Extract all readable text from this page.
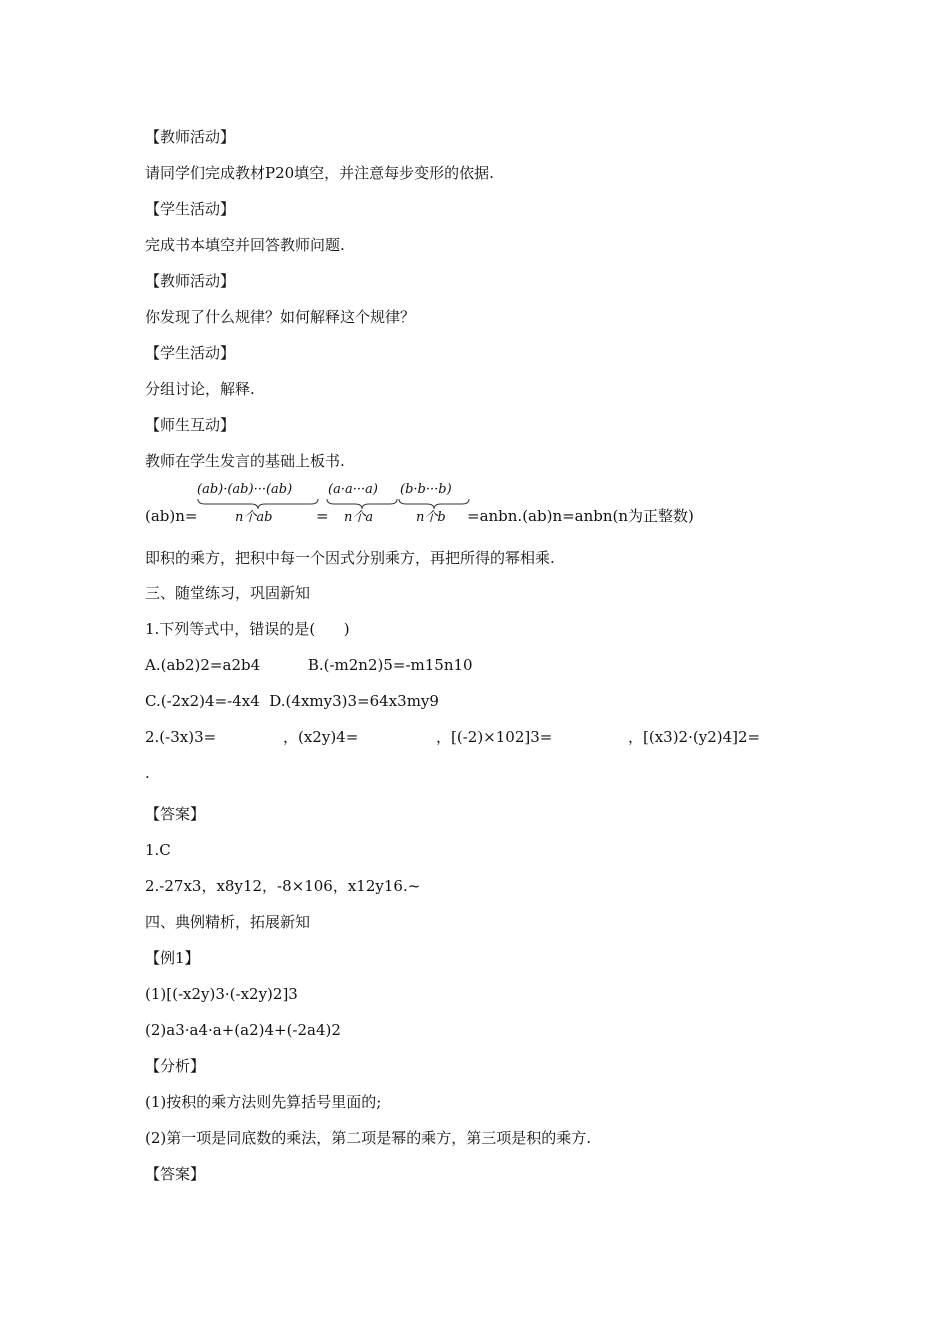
【教师活动】
请同学们完成教材P20填空，并注意每步变形的依据.
【学生活动】
完成书本填空并回答教师问题.
【教师活动】
你发现了什么规律？如何解释这个规律？
【学生活动】
分组讨论，解释.
【师生互动】
教师在学生发言的基础上板书.
(ab)n=
(ab)·(ab)···(ab)
n个ab	=
(a·a···a)
n个a
(b·b···b)
n个b =anbn.(ab)n=anbn(n为正整数)
即积的乘方，把积中每一个因式分别乘方，再把所得的幂相乘.
三、随堂练习，巩固新知
1.下列等式中，错误的是(      )
A.(ab2)2=a2b4          B.(-m2n2)5=-m15n10
C.(-2x2)4=-4x4  D.(4xmy3)3=64x3my9
2.(-3x)3=	，(x2y)4=	，[(-2)×102]3=	，[(x3)2·(y2)4]2=
.
【答案】
1.C
2.-27x3，x8y12，-8×106，x12y16.~
四、典例精析，拓展新知
【例1】
(1)[(-x2y)3·(-x2y)2]3
(2)a3·a4·a+(a2)4+(-2a4)2
【分析】
(1)按积的乘方法则先算括号里面的;
(2)第一项是同底数的乘法，第二项是幂的乘方，第三项是积的乘方.
【答案】
